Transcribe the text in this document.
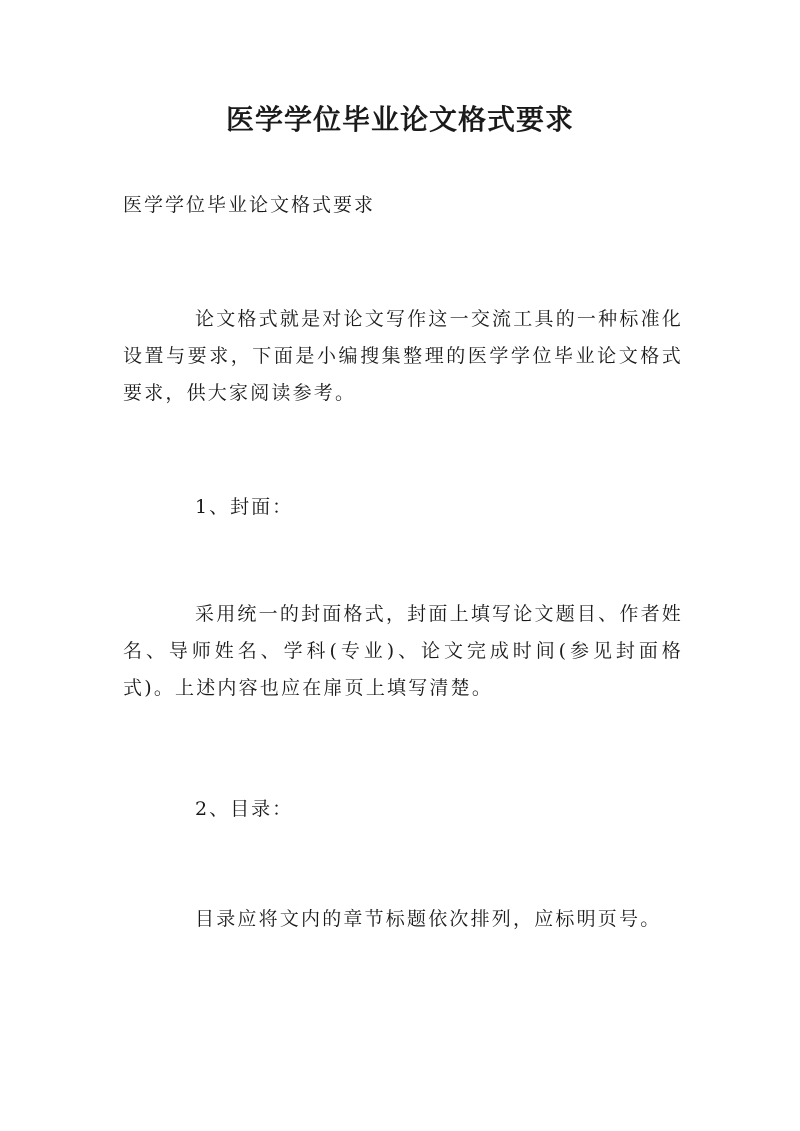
医学学位毕业论文格式要求
医学学位毕业论文格式要求
论文格式就是对论文写作这一交流工具的一种标准化设置与要求，下面是小编搜集整理的医学学位毕业论文格式要求，供大家阅读参考。
1、封面：
采用统一的封面格式，封面上填写论文题目、作者姓名、导师姓名、学科(专业)、论文完成时间(参见封面格式)。上述内容也应在扉页上填写清楚。
2、目录：
目录应将文内的章节标题依次排列，应标明页号。
